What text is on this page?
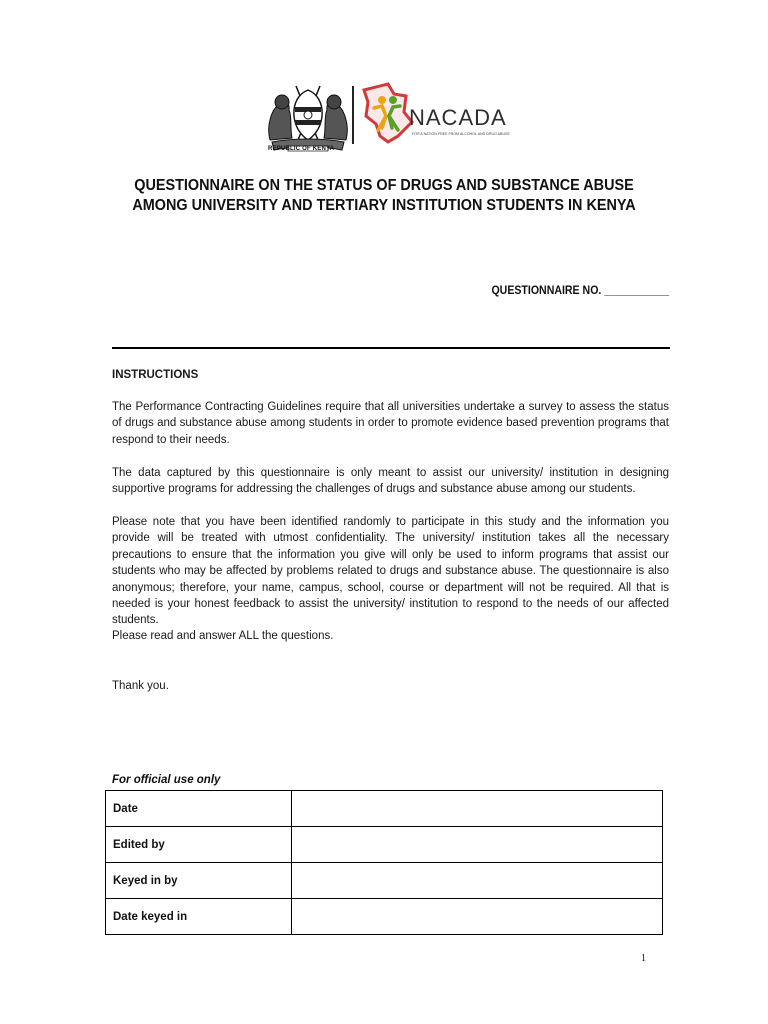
REPUBLIC OF KENYA
NACADA
FOR A NATION FREE FROM ALCOHOL AND DRUG ABUSE
QUESTIONNAIRE ON THE STATUS OF DRUGS AND SUBSTANCE ABUSE
AMONG UNIVERSITY AND TERTIARY INSTITUTION STUDENTS IN KENYA
QUESTIONNAIRE NO. ___________
INSTRUCTIONS

The Performance Contracting Guidelines require that all universities undertake a survey to assess the status of drugs and substance abuse among students in order to promote evidence based prevention programs that respond to their needs.

The data captured by this questionnaire is only meant to assist our university/ institution in designing supportive programs for addressing the challenges of drugs and substance abuse among our students.

Please note that you have been identified randomly to participate in this study and the information you provide will be treated with utmost confidentiality. The university/ institution takes all the necessary precautions to ensure that the information you give will only be used to inform programs that assist our students who may be affected by problems related to drugs and substance abuse. The questionnaire is also anonymous; therefore, your name, campus, school, course or department will not be required. All that is needed is your honest feedback to assist the university/ institution to respond to the needs of our affected students.

Please read and answer ALL the questions.
Thank you.
For official use only
Date	
Edited by	
Keyed in by	
Date keyed in	
1
